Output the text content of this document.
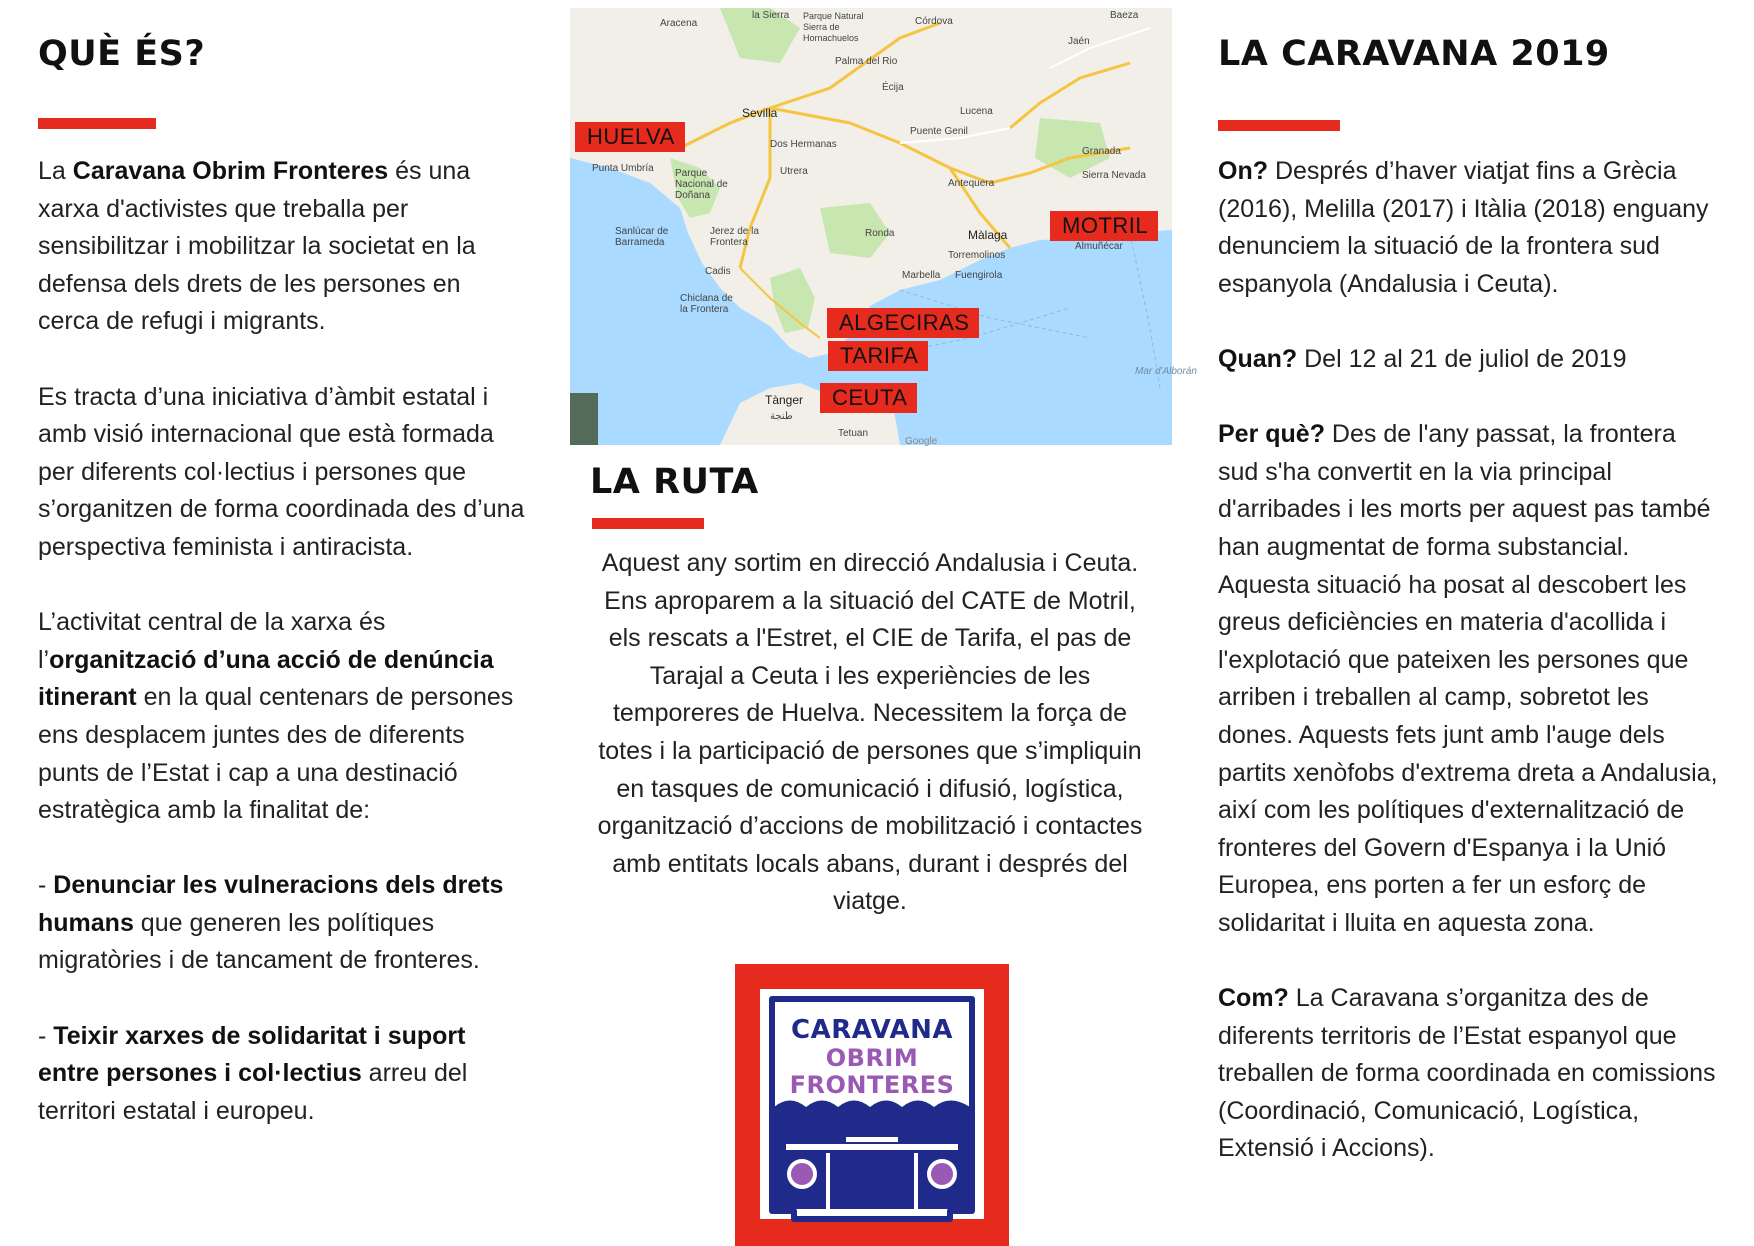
QUÈ ÉS?

La Caravana Obrim Fronteres és una xarxa d'activistes que treballa per sensibilitzar i mobilitzar la societat en la defensa dels drets de les persones en cerca de refugi i migrants.

Es tracta d’una iniciativa d’àmbit estatal i amb visió internacional que està formada per diferents col·lectius i persones que s’organitzen de forma coordinada des d’una perspectiva feminista i antiracista.

L’activitat central de la xarxa és l’organització d’una acció de denúncia itinerant en la qual centenars de persones ens desplacem juntes des de diferents punts de l’Estat i cap a una destinació estratègica amb la finalitat de:

- Denunciar les vulneracions dels drets humans que generen les polítiques migratòries i de tancament de fronteres.

- Teixir xarxes de solidaritat i suport entre persones i col·lectius arreu del territori estatal i europeu.

Aracena
la Sierra Parque Natural Sierra de Hornachuelos
Córdova
Baeza
Jaén
Palma del Rio
Écija
Sevilla	Lucena
Puente Genil
Dos Hermanas
Punta Umbría	Utrera
Granada
Sierra Nevada
Antequera
Parque Nacional de Doñana
Sanlúcar de Barrameda
Jerez de la Frontera
Ronda	Màlaga
Almuñécar
Torremolinos
Cadis	Marbella Fuengirola
Chiclana de la Frontera
Mar d'Alborán
Tànger
طنجة
Tetuan
Google
HUELVA
MOTRIL
ALGECIRAS
TARIFA
CEUTA
LA RUTA
Aquest any sortim en direcció Andalusia i Ceuta. Ens aproparem a la situació del CATE de Motril, els rescats a l'Estret, el CIE de Tarifa, el pas de Tarajal a Ceuta i les experiències de les temporeres de Huelva. Necessitem la força de totes i la participació de persones que s’impliquin en tasques de comunicació i difusió, logística, organització d’accions de mobilització i contactes amb entitats locals abans, durant i després del viatge.
CARAVANA
OBRIM
FRONTERES
LA CARAVANA 2019

On? Després d’haver viatjat fins a Grècia (2016), Melilla (2017) i Itàlia (2018) enguany denunciem la situació de la frontera sud espanyola (Andalusia i Ceuta).

Quan? Del 12 al 21 de juliol de 2019

Per què? Des de l'any passat, la frontera sud s'ha convertit en la via principal d'arribades i les morts per aquest pas també han augmentat de forma substancial. Aquesta situació ha posat al descobert les greus deficiències en materia d'acollida i l'explotació que pateixen les persones que arriben i treballen al camp, sobretot les dones. Aquests fets junt amb l'auge dels partits xenòfobs d'extrema dreta a Andalusia, així com les polítiques d'externalització de fronteres del Govern d'Espanya i la Unió Europea, ens porten a fer un esforç de solidaritat i lluita en aquesta zona.

Com? La Caravana s’organitza des de diferents territoris de l’Estat espanyol que treballen de forma coordinada en comissions (Coordinació, Comunicació, Logística, Extensió i Accions).
